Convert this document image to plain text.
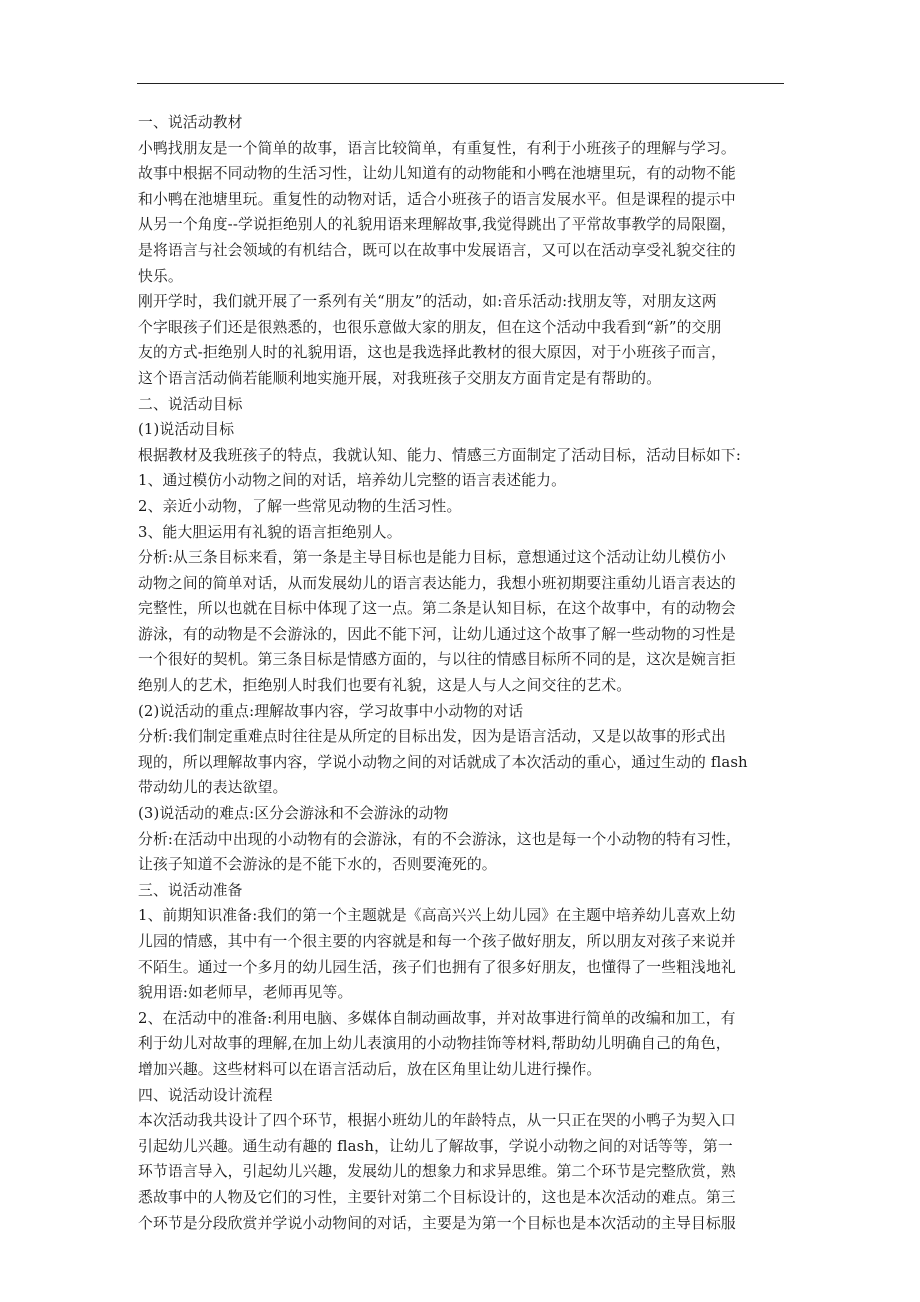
一、说活动教材
小鸭找朋友是一个简单的故事，语言比较简单，有重复性，有利于小班孩子的理解与学习。
故事中根据不同动物的生活习性，让幼儿知道有的动物能和小鸭在池塘里玩，有的动物不能
和小鸭在池塘里玩。重复性的动物对话，适合小班孩子的语言发展水平。但是课程的提示中
从另一个角度--学说拒绝别人的礼貌用语来理解故事,我觉得跳出了平常故事教学的局限圈，
是将语言与社会领域的有机结合，既可以在故事中发展语言，又可以在活动享受礼貌交往的
快乐。
刚开学时，我们就开展了一系列有关“朋友”的活动，如:音乐活动:找朋友等，对朋友这两
个字眼孩子们还是很熟悉的，也很乐意做大家的朋友，但在这个活动中我看到“新”的交朋
友的方式-拒绝别人时的礼貌用语，这也是我选择此教材的很大原因，对于小班孩子而言，
这个语言活动倘若能顺利地实施开展，对我班孩子交朋友方面肯定是有帮助的。
二、说活动目标
(1)说活动目标
根据教材及我班孩子的特点，我就认知、能力、情感三方面制定了活动目标，活动目标如下:
1、通过模仿小动物之间的对话，培养幼儿完整的语言表述能力。
2、亲近小动物，了解一些常见动物的生活习性。
3、能大胆运用有礼貌的语言拒绝别人。
分析:从三条目标来看，第一条是主导目标也是能力目标，意想通过这个活动让幼儿模仿小
动物之间的简单对话，从而发展幼儿的语言表达能力，我想小班初期要注重幼儿语言表达的
完整性，所以也就在目标中体现了这一点。第二条是认知目标，在这个故事中，有的动物会
游泳，有的动物是不会游泳的，因此不能下河，让幼儿通过这个故事了解一些动物的习性是
一个很好的契机。第三条目标是情感方面的，与以往的情感目标所不同的是，这次是婉言拒
绝别人的艺术，拒绝别人时我们也要有礼貌，这是人与人之间交往的艺术。
(2)说活动的重点:理解故事内容，学习故事中小动物的对话
分析:我们制定重难点时往往是从所定的目标出发，因为是语言活动，又是以故事的形式出
现的，所以理解故事内容，学说小动物之间的对话就成了本次活动的重心，通过生动的 flash
带动幼儿的表达欲望。
(3)说活动的难点:区分会游泳和不会游泳的动物
分析:在活动中出现的小动物有的会游泳，有的不会游泳，这也是每一个小动物的特有习性，
让孩子知道不会游泳的是不能下水的，否则要淹死的。
三、说活动准备
1、前期知识准备:我们的第一个主题就是《高高兴兴上幼儿园》在主题中培养幼儿喜欢上幼
儿园的情感，其中有一个很主要的内容就是和每一个孩子做好朋友，所以朋友对孩子来说并
不陌生。通过一个多月的幼儿园生活，孩子们也拥有了很多好朋友，也懂得了一些粗浅地礼
貌用语:如老师早，老师再见等。
2、在活动中的准备:利用电脑、多媒体自制动画故事，并对故事进行简单的改编和加工，有
利于幼儿对故事的理解,在加上幼儿表演用的小动物挂饰等材料,帮助幼儿明确自己的角色，
增加兴趣。这些材料可以在语言活动后，放在区角里让幼儿进行操作。
四、说活动设计流程
本次活动我共设计了四个环节，根据小班幼儿的年龄特点，从一只正在哭的小鸭子为契入口
引起幼儿兴趣。通生动有趣的 flash，让幼儿了解故事，学说小动物之间的对话等等，第一
环节语言导入，引起幼儿兴趣，发展幼儿的想象力和求异思维。第二个环节是完整欣赏，熟
悉故事中的人物及它们的习性，主要针对第二个目标设计的，这也是本次活动的难点。第三
个环节是分段欣赏并学说小动物间的对话，主要是为第一个目标也是本次活动的主导目标服
